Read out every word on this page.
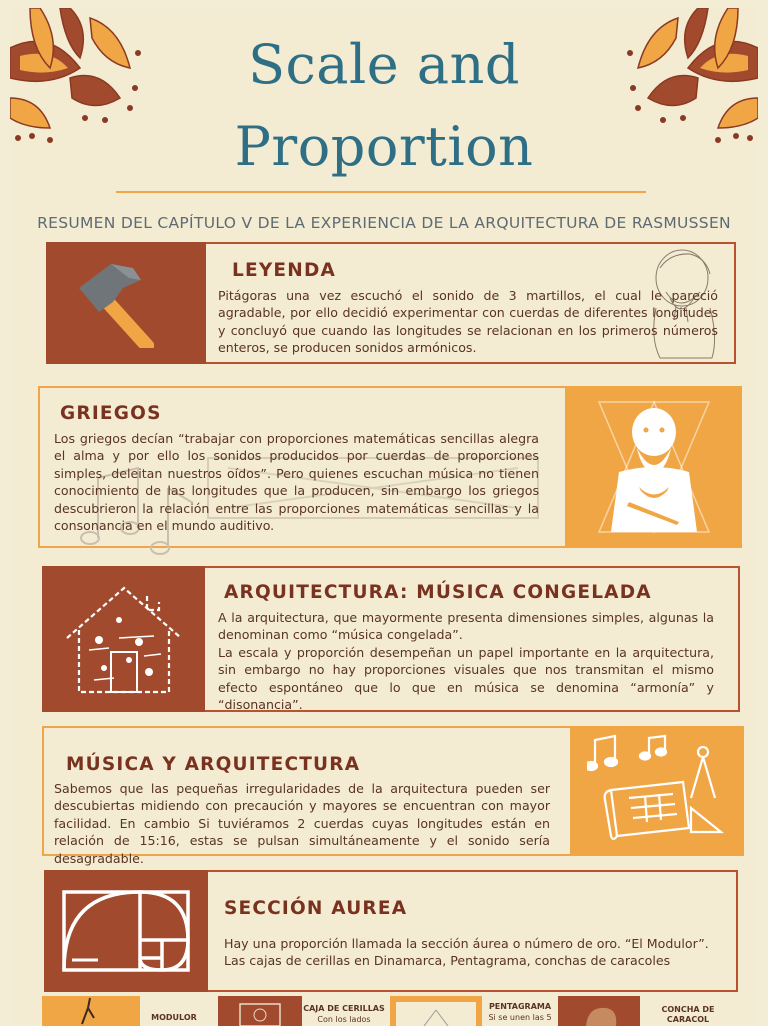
Scale and
Proportion
RESUMEN DEL CAPÍTULO V DE LA EXPERIENCIA DE LA ARQUITECTURA DE RASMUSSEN
LEYENDA
Pitágoras una vez escuchó el sonido de 3 martillos, el cual le pareció agradable, por ello decidió experimentar con cuerdas de diferentes longitudes y concluyó que cuando las longitudes se relacionan en los primeros números enteros, se producen sonidos armónicos.
GRIEGOS
Los griegos decían “trabajar con proporciones matemáticas sencillas alegra el alma y por ello los sonidos producidos por cuerdas de proporciones simples, deleitan nuestros oídos”. Pero quienes escuchan música no tienen conocimiento de las longitudes que la producen, sin embargo los griegos descubrieron la relación entre las proporciones matemáticas sencillas y la consonancia en el mundo auditivo.
ARQUITECTURA: MÚSICA CONGELADA
A la arquitectura, que mayormente presenta dimensiones simples, algunas la denominan como “música congelada”.
La escala y proporción desempeñan un papel importante en la arquitectura, sin embargo no hay proporciones visuales que nos transmitan el mismo efecto espontáneo que lo que en música se denomina “armonía” y “disonancia”.
MÚSICA Y ARQUITECTURA
Sabemos que las pequeñas irregularidades de la arquitectura pueden ser descubiertas midiendo con precaución y mayores se encuentran con mayor facilidad. En cambio Si tuviéramos 2 cuerdas cuyas longitudes están en relación de 15:16, estas se pulsan simultáneamente y el sonido sería desagradable.
SECCIÓN AUREA
Hay una proporción llamada la sección áurea o número de oro. “El Modulor”.
Las cajas de cerillas en Dinamarca, Pentagrama, conchas de caracoles
MODULOR
CAJA DE CERILLAS
Con los lados
PENTAGRAMA
Si se unen las 5
CONCHA DE
CARACOL
